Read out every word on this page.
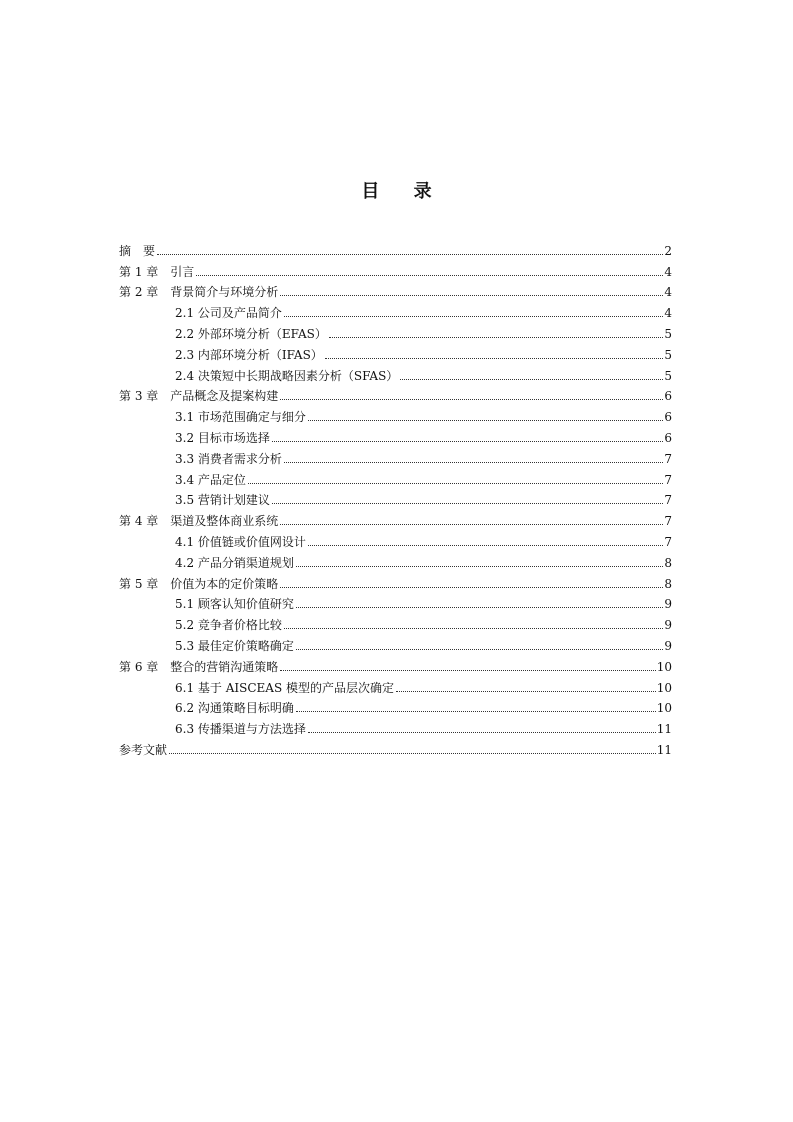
目 录
摘　要	2
第 1 章　引言	4
第 2 章　背景简介与环境分析	4
2.1 公司及产品简介	4
2.2 外部环境分析（EFAS）	5
2.3 内部环境分析（IFAS）	5
2.4 决策短中长期战略因素分析（SFAS）	5
第 3 章　产品概念及提案构建	6
3.1 市场范围确定与细分	6
3.2 目标市场选择	6
3.3 消费者需求分析	7
3.4 产品定位	7
3.5 营销计划建议	7
第 4 章　渠道及整体商业系统	7
4.1 价值链或价值网设计	7
4.2 产品分销渠道规划	8
第 5 章　价值为本的定价策略	8
5.1 顾客认知价值研究	9
5.2 竞争者价格比较	9
5.3 最佳定价策略确定	9
第 6 章　整合的营销沟通策略	10
6.1 基于 AISCEAS 模型的产品层次确定	10
6.2 沟通策略目标明确	10
6.3 传播渠道与方法选择	11
参考文献	11
